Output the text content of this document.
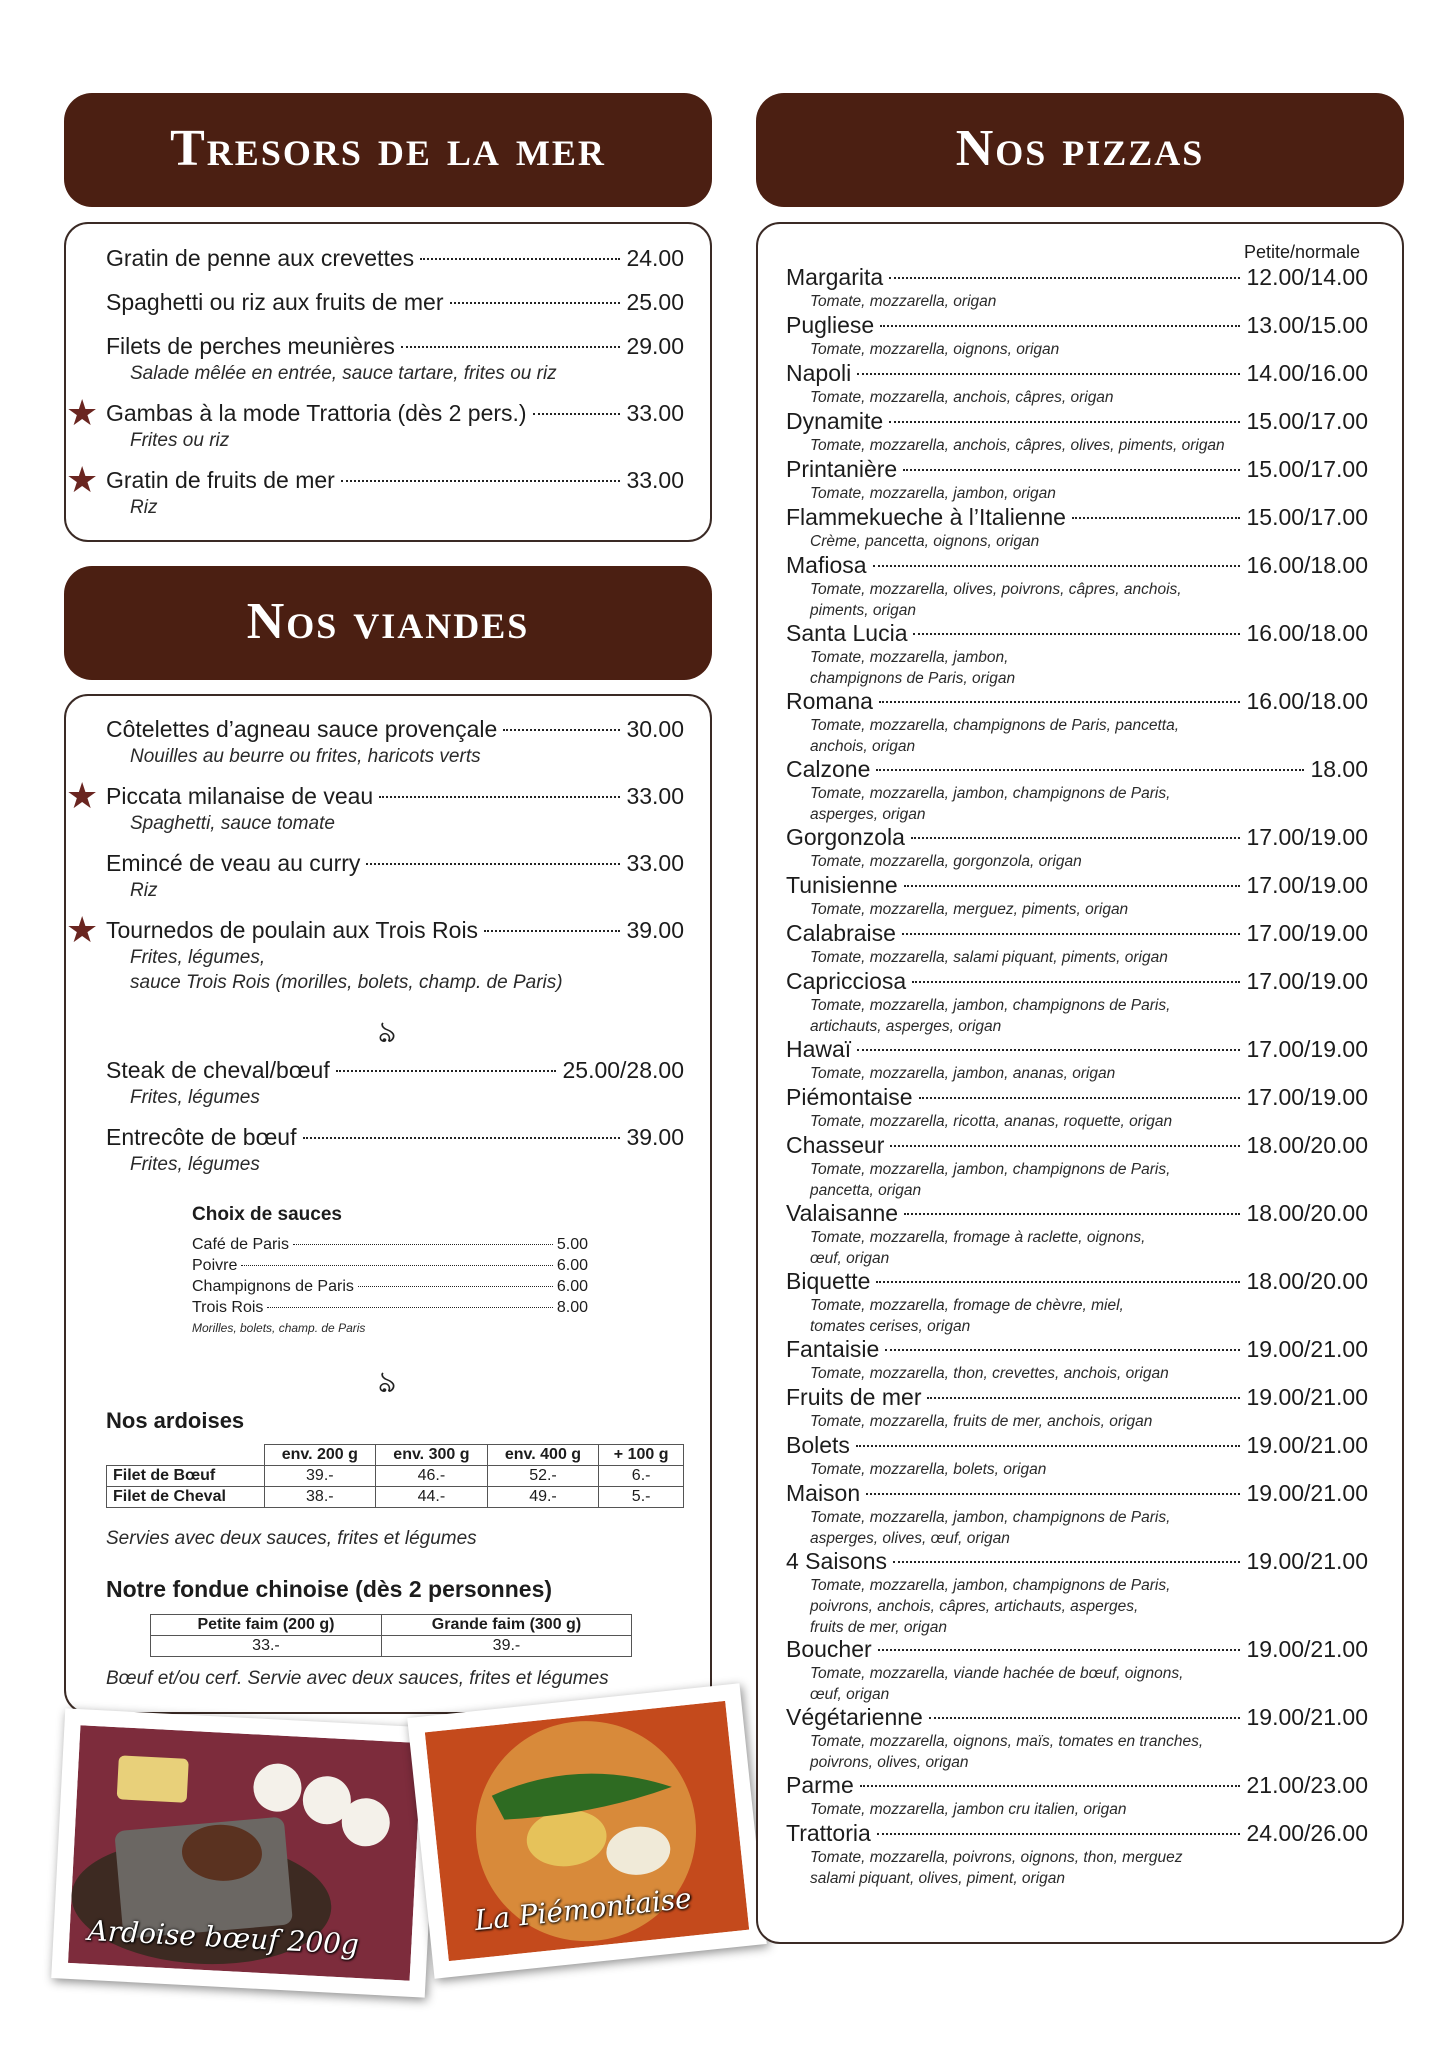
Tresors de la mer
Gratin de penne aux crevettes	24.00
Spaghetti ou riz aux fruits de mer	25.00
Filets de perches meunières	29.00
Salade mêlée en entrée, sauce tartare, frites ou riz
★ Gambas à la mode Trattoria (dès 2 pers.)	33.00
Frites ou riz
★ Gratin de fruits de mer	33.00
Riz
Nos viandes
Côtelettes d’agneau sauce provençale	30.00
Nouilles au beurre ou frites, haricots verts
★ Piccata milanaise de veau	33.00
Spaghetti, sauce tomate
Emincé de veau au curry	33.00
Riz
★ Tournedos de poulain aux Trois Rois	39.00
Frites, légumes,
sauce Trois Rois (morilles, bolets, champ. de Paris)
ঌ
Steak de cheval/bœuf	25.00/28.00
Frites, légumes
Entrecôte de bœuf	39.00
Frites, légumes
Choix de sauces
Café de Paris	5.00
Poivre	6.00
Champignons de Paris	6.00
Trois Rois	8.00
Morilles, bolets, champ. de Paris
ঌ
Nos ardoises
	env. 200 g	env. 300 g	env. 400 g	+ 100 g
Filet de Bœuf	39.-	46.-	52.-	6.-
Filet de Cheval	38.-	44.-	49.-	5.-
Servies avec deux sauces, frites et légumes
Notre fondue chinoise (dès 2 personnes)
Petite faim (200 g)	Grande faim (300 g)
33.-	39.-
Bœuf et/ou cerf. Servie avec deux sauces, frites et légumes
Ardoise bœuf 200g
La Piémontaise
Nos pizzas
Petite/normale
Margarita	12.00/14.00
Tomate, mozzarella, origan
Pugliese	13.00/15.00
Tomate, mozzarella, oignons, origan
Napoli	14.00/16.00
Tomate, mozzarella, anchois, câpres, origan
Dynamite	15.00/17.00
Tomate, mozzarella, anchois, câpres, olives, piments, origan
Printanière	15.00/17.00
Tomate, mozzarella, jambon, origan
Flammekueche à l’Italienne	15.00/17.00
Crème, pancetta, oignons, origan
Mafiosa	16.00/18.00
Tomate, mozzarella, olives, poivrons, câpres, anchois,
piments, origan
Santa Lucia	16.00/18.00
Tomate, mozzarella, jambon,
champignons de Paris, origan
Romana	16.00/18.00
Tomate, mozzarella, champignons de Paris, pancetta,
anchois, origan
Calzone	18.00
Tomate, mozzarella, jambon, champignons de Paris,
asperges, origan
Gorgonzola	17.00/19.00
Tomate, mozzarella, gorgonzola, origan
Tunisienne	17.00/19.00
Tomate, mozzarella, merguez, piments, origan
Calabraise	17.00/19.00
Tomate, mozzarella, salami piquant, piments, origan
Capricciosa	17.00/19.00
Tomate, mozzarella, jambon, champignons de Paris,
artichauts, asperges, origan
Hawaï	17.00/19.00
Tomate, mozzarella, jambon, ananas, origan
Piémontaise	17.00/19.00
Tomate, mozzarella, ricotta, ananas, roquette, origan
Chasseur	18.00/20.00
Tomate, mozzarella, jambon, champignons de Paris,
pancetta, origan
Valaisanne	18.00/20.00
Tomate, mozzarella, fromage à raclette, oignons,
œuf, origan
Biquette	18.00/20.00
Tomate, mozzarella, fromage de chèvre, miel,
tomates cerises, origan
Fantaisie	19.00/21.00
Tomate, mozzarella, thon, crevettes, anchois, origan
Fruits de mer	19.00/21.00
Tomate, mozzarella, fruits de mer, anchois, origan
Bolets	19.00/21.00
Tomate, mozzarella, bolets, origan
Maison	19.00/21.00
Tomate, mozzarella, jambon, champignons de Paris,
asperges, olives, œuf, origan
4 Saisons	19.00/21.00
Tomate, mozzarella, jambon, champignons de Paris,
poivrons, anchois, câpres, artichauts, asperges,
fruits de mer, origan
Boucher	19.00/21.00
Tomate, mozzarella, viande hachée de bœuf, oignons,
œuf, origan
Végétarienne	19.00/21.00
Tomate, mozzarella, oignons, maïs, tomates en tranches,
poivrons, olives, origan
Parme	21.00/23.00
Tomate, mozzarella, jambon cru italien, origan
Trattoria	24.00/26.00
Tomate, mozzarella, poivrons, oignons, thon, merguez
salami piquant, olives, piment, origan
